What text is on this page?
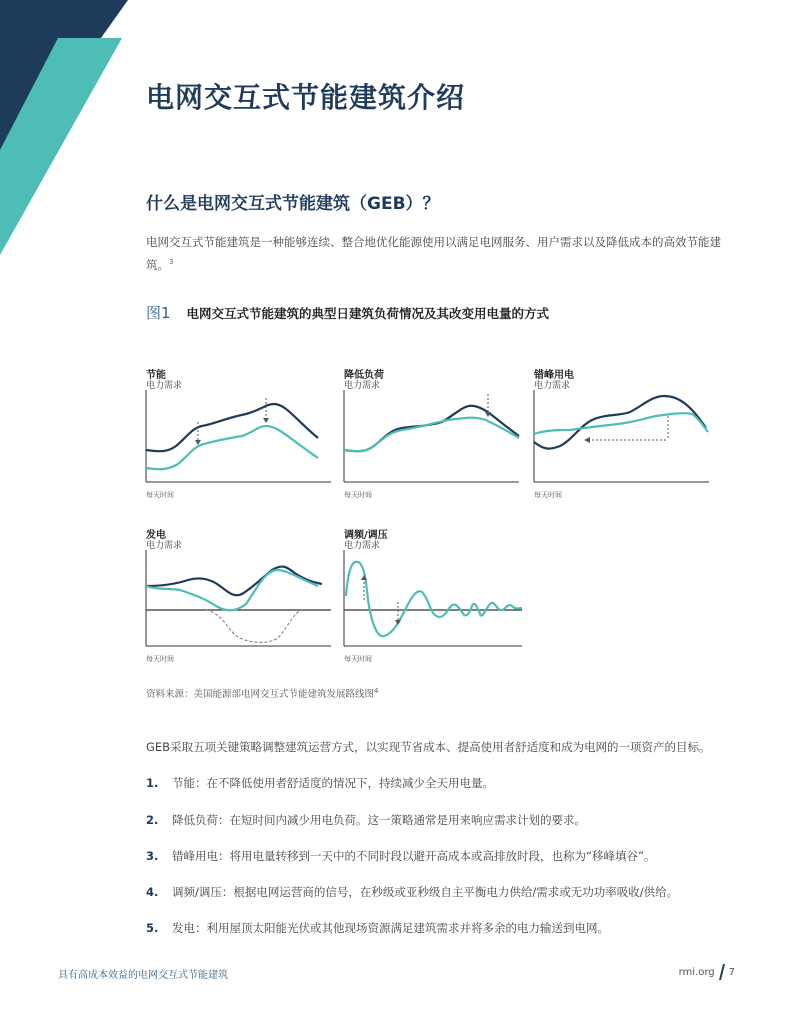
电网交互式节能建筑介绍
什么是电网交互式节能建筑（GEB）？
电网交互式节能建筑是一种能够连续、整合地优化能源使用以满足电网服务、用户需求以及降低成本的高效节能建筑。$^3$
图1 电网交互式节能建筑的典型日建筑负荷情况及其改变用电量的方式
节能
电力需求
每天时间
降低负荷
电力需求
每天时间
错峰用电
电力需求
每天时间
发电
电力需求
每天时间
调频/调压
电力需求
每天时间
资料来源：美国能源部电网交互式节能建筑发展路线图$^4$
GEB采取五项关键策略调整建筑运营方式，以实现节省成本、提高使用者舒适度和成为电网的一项资产的目标。
1. 节能：在不降低使用者舒适度的情况下，持续减少全天用电量。
2. 降低负荷：在短时间内减少用电负荷。这一策略通常是用来响应需求计划的要求。
3. 错峰用电：将用电量转移到一天中的不同时段以避开高成本或高排放时段，也称为“移峰填谷”。
4. 调频/调压：根据电网运营商的信号，在秒级或亚秒级自主平衡电力供给/需求或无功功率吸收/供给。
5. 发电：利用屋顶太阳能光伏或其他现场资源满足建筑需求并将多余的电力输送到电网。
具有高成本效益的电网交互式节能建筑	rmi.org 7
